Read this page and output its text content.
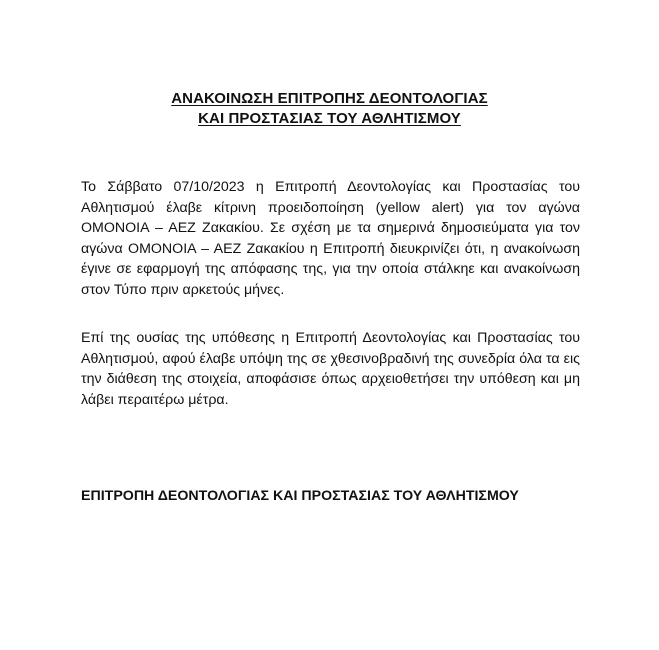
ΑΝΑΚΟΙΝΩΣΗ ΕΠΙΤΡΟΠΗΣ ΔΕΟΝΤΟΛΟΓΙΑΣ
ΚΑΙ ΠΡΟΣΤΑΣΙΑΣ ΤΟΥ ΑΘΛΗΤΙΣΜΟΥ

Το Σάββατο 07/10/2023 η Επιτροπή Δεοντολογίας και Προστασίας του Αθλητισμού έλαβε κίτρινη προειδοποίηση (yellow alert) για τον αγώνα ΟΜΟΝΟΙΑ – ΑΕΖ Ζακακίου. Σε σχέση με τα σημερινά δημοσιεύματα για τον αγώνα ΟΜΟΝΟΙΑ – ΑΕΖ Ζακακίου η Επιτροπή διευκρινίζει ότι, η ανακοίνωση έγινε σε εφαρμογή της απόφασης της, για την οποία στάλκηε και ανακοίνωση στον Τύπο πριν αρκετούς μήνες.

Επί της ουσίας της υπόθεσης η Επιτροπή Δεοντολογίας και Προστασίας του Αθλητισμού, αφού έλαβε υπόψη της σε χθεσινοβραδινή της συνεδρία όλα τα εις την διάθεση της στοιχεία, αποφάσισε όπως αρχειοθετήσει την υπόθεση και μη λάβει περαιτέρω μέτρα.

ΕΠΙΤΡΟΠΗ ΔΕΟΝΤΟΛΟΓΙΑΣ ΚΑΙ ΠΡΟΣΤΑΣΙΑΣ ΤΟΥ ΑΘΛΗΤΙΣΜΟΥ
